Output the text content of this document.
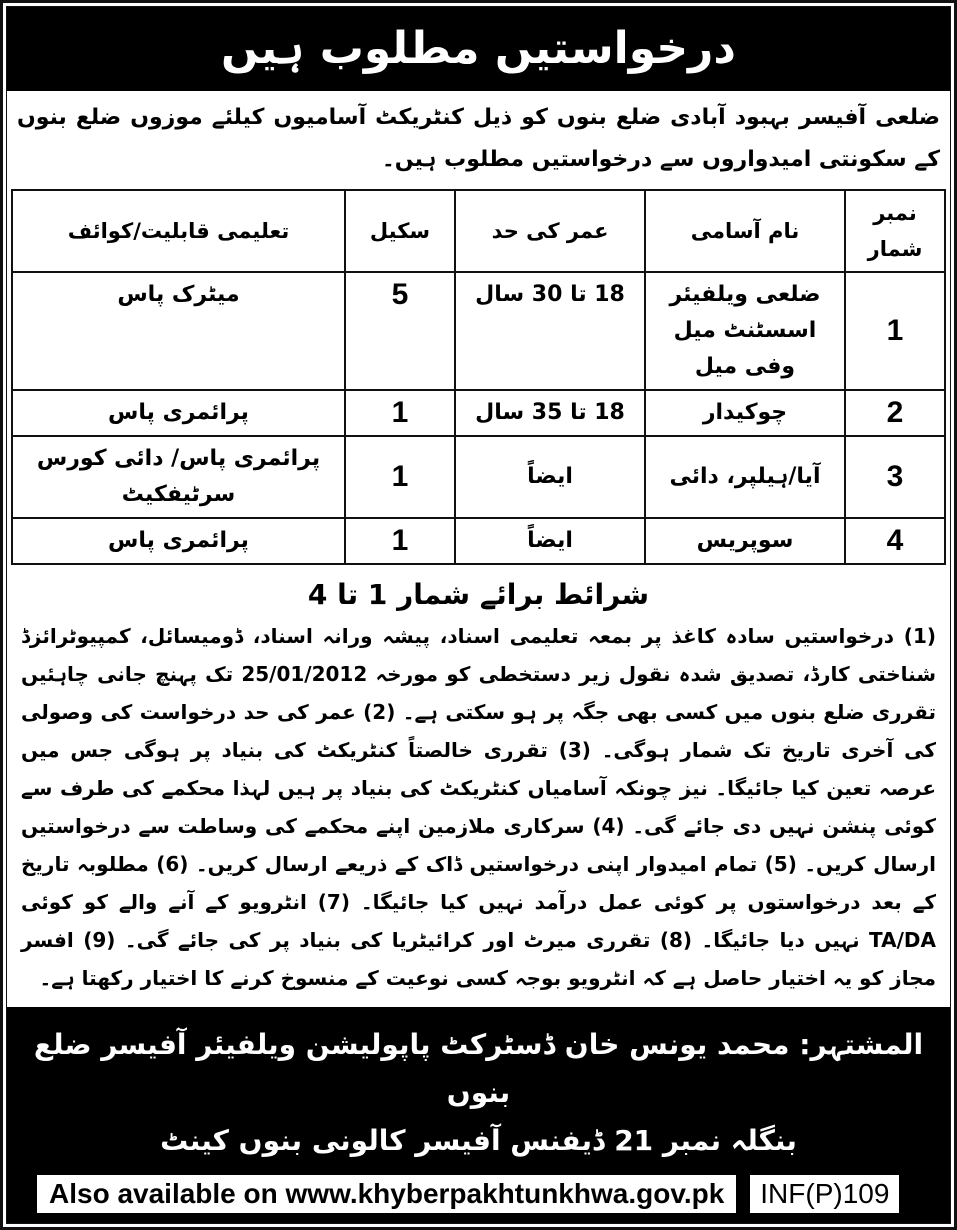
درخواستیں مطلوب ہیں
ضلعی آفیسر بہبود آبادی ضلع بنوں کو ذیل کنٹریکٹ آسامیوں کیلئے موزوں ضلع بنوں کے سکونتی امیدواروں سے درخواستیں مطلوب ہیں۔
نمبر شمار	نام آسامی	عمر کی حد	سکیل	تعلیمی قابلیت/کوائف
1	ضلعی ویلفیئر اسسٹنٹ میل وفی میل	18 تا 30 سال	5	میٹرک پاس
2	چوکیدار	18 تا 35 سال	1	پرائمری پاس
3	آیا/ہیلپر، دائی	ایضاً	1	پرائمری پاس/ دائی کورس سرٹیفکیٹ
4	سوپریس	ایضاً	1	پرائمری پاس
شرائط برائے شمار 1 تا 4
(1) درخواستیں سادہ کاغذ پر بمعہ تعلیمی اسناد، پیشہ ورانہ اسناد، ڈومیسائل، کمپیوٹرائزڈ شناختی کارڈ، تصدیق شدہ نقول زیر دستخطی کو مورخہ 25/01/2012 تک پہنچ جانی چاہئیں تقرری ضلع بنوں میں کسی بھی جگہ پر ہو سکتی ہے۔ (2) عمر کی حد درخواست کی وصولی کی آخری تاریخ تک شمار ہوگی۔ (3) تقرری خالصتاً کنٹریکٹ کی بنیاد پر ہوگی جس میں عرصہ تعین کیا جائیگا۔ نیز چونکہ آسامیاں کنٹریکٹ کی بنیاد پر ہیں لہذا محکمے کی طرف سے کوئی پنشن نہیں دی جائے گی۔ (4) سرکاری ملازمین اپنے محکمے کی وساطت سے درخواستیں ارسال کریں۔ (5) تمام امیدوار اپنی درخواستیں ڈاک کے ذریعے ارسال کریں۔ (6) مطلوبہ تاریخ کے بعد درخواستوں پر کوئی عمل درآمد نہیں کیا جائیگا۔ (7) انٹرویو کے آنے والے کو کوئی TA/DA نہیں دیا جائیگا۔ (8) تقرری میرٹ اور کرائیٹریا کی بنیاد پر کی جائے گی۔ (9) افسر مجاز کو یہ اختیار حاصل ہے کہ انٹرویو بوجہ کسی نوعیت کے منسوخ کرنے کا اختیار رکھتا ہے۔
المشتہر: محمد یونس خان ڈسٹرکٹ پاپولیشن ویلفیئر آفیسر ضلع بنوں
بنگلہ نمبر 21 ڈیفنس آفیسر کالونی بنوں کینٹ
Also available on www.khyberpakhtunkhwa.gov.pk	INF(P)109
